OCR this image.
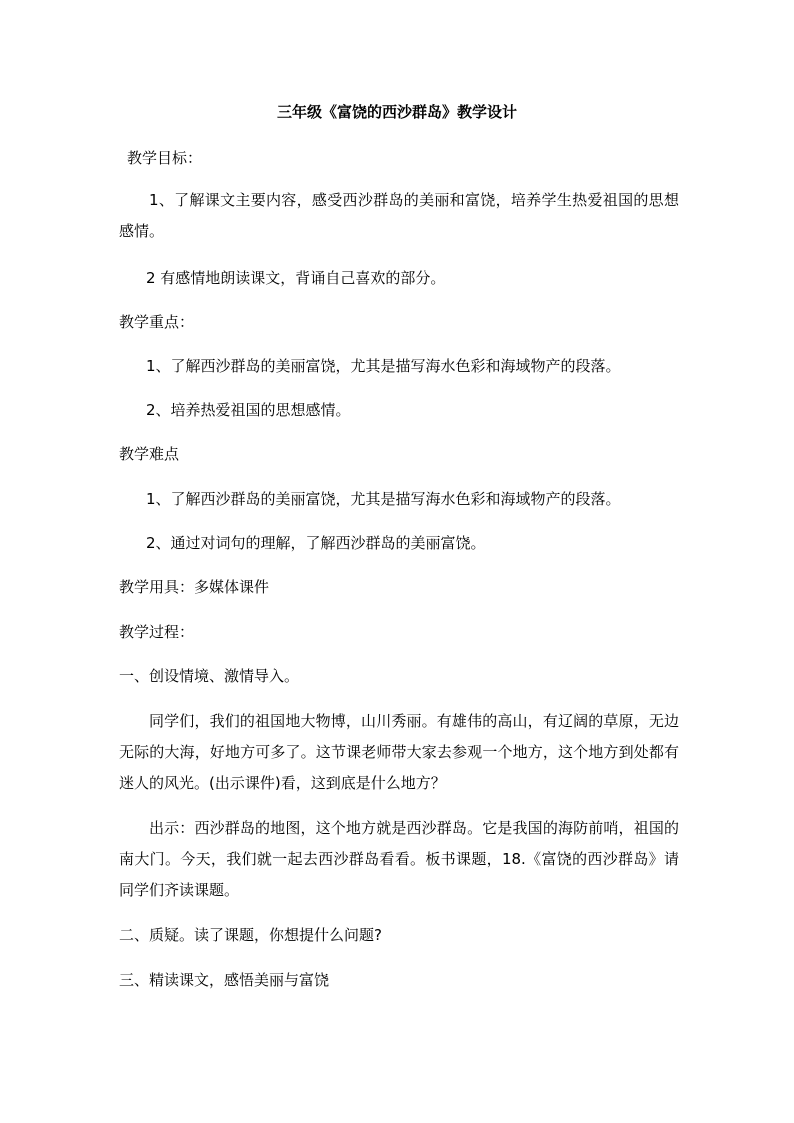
三年级《富饶的西沙群岛》教学设计
教学目标：

1、了解课文主要内容，感受西沙群岛的美丽和富饶，培养学生热爱祖国的思想感情。

2 有感情地朗读课文，背诵自己喜欢的部分。
教学重点：
1、了解西沙群岛的美丽富饶，尤其是描写海水色彩和海域物产的段落。
2、培养热爱祖国的思想感情。
教学难点
1、了解西沙群岛的美丽富饶，尤其是描写海水色彩和海域物产的段落。
2、通过对词句的理解，了解西沙群岛的美丽富饶。
教学用具：多媒体课件
教学过程：
一、创设情境、激情导入。

同学们，我们的祖国地大物博，山川秀丽。有雄伟的高山，有辽阔的草原，无边无际的大海，好地方可多了。这节课老师带大家去参观一个地方，这个地方到处都有迷人的风光。(出示课件)看，这到底是什么地方？

出示：西沙群岛的地图，这个地方就是西沙群岛。它是我国的海防前哨，祖国的南大门。今天，我们就一起去西沙群岛看看。板书课题，18.《富饶的西沙群岛》请同学们齐读课题。

二、质疑。读了课题，你想提什么问题?
三、精读课文，感悟美丽与富饶
